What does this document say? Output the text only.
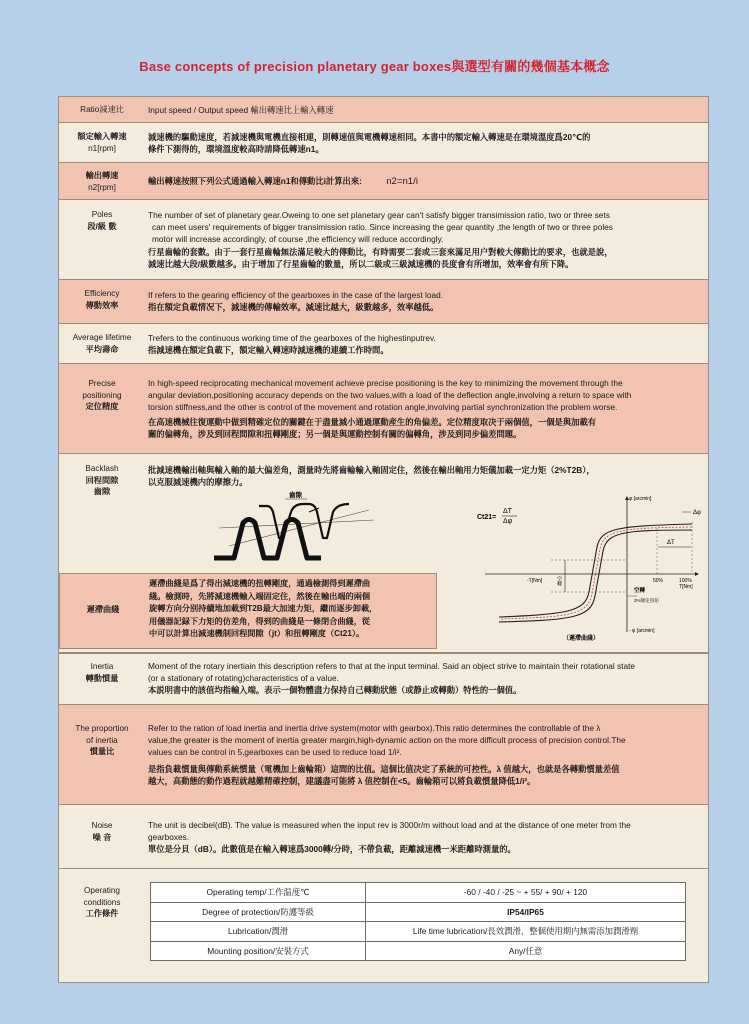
Base concepts of precision planetary gear boxes與選型有關的幾個基本概念
Ratio減速比	Input speed / Output speed 輸出轉速比上輸入轉速
額定輸入轉速
n1[rpm]

減速機的驅動速度，若減速機與電機直接相連，則轉速值與電機轉速相同。本書中的額定輸入轉速是在環境溫度爲20℃的

條件下測得的，環境溫度較高時請降低轉速n1。

輸出轉速
n2[rpm]
輸出轉速按照下列公式通過輸入轉速n1和傳動比i計算出來:	n2=n1/i
Poles
段/級 數

The number of set of planetary gear.Oweing to one set planetary gear can't satisfy bigger transimission ratio, two or three sets

can meet users' requirements of bigger transimission ratio. Since increasing the gear quantity ,the length of two or three poles

motor will increase accordingly, of course ,the efficiency will reduce accordingly.

行星齒輪的套數。由于一套行星齒輪無法滿足較大的傳動比，有時需要二套或三套來滿足用户對較大傳動比的要求，也就是說，

減速比越大段/級數越多。由于增加了行星齒輪的數量，所以二級或三級減速機的長度會有所增加，效率會有所下降。

Efficiency
傳動效率

If refers to the gearing efficiency of the gearboxes in the case of the largest load.

指在額定負載情况下，減速機的傳輸效率。減速比越大，級數越多，效率越低。

Average lifetime
平均壽命

Trefers to the continuous working time of the gearboxes of the highestinputrev.

指減速機在額定負載下，額定輸入轉速時減速機的連續工作時間。

Precise
positioning
定位精度

In high-speed reciprocating mechanical movement achieve precise positioning is the key to minimizing the movement through the

angular deviation,positioning accuracy depends on the two values,with a load of the deflection angle,involving a return to space with

torsion stiffness,and the other is control of the movement and rotation angle,involving partial synchronization the problem worse.

在高速機械往復運動中做到精確定位的關鍵在于盡量減小通過運動産生的角偏差。定位精度取决于兩個值，一個是與加載有

關的偏轉角，涉及到回程間隙和扭轉剛度；另一個是與運動控制有關的偏轉角，涉及到同步偏差問題。

Backlash
回程間隙
齒隙

批減速機輸出軸與輸入軸的最大偏差角，測量時先將齒輪輸入軸固定住，然後在輸出軸用力矩儀加載一定力矩（2%T2B），

以克服減速機内的摩擦力。

齒隙
Ct21=
ΔT
Δφ
φ [arcmin]
- φ [arcmin]
-T[Nm]	100%
T[Nm]
50%
ΔT
Δφ
空轉
空轉
2%額定扭矩
（遲滯曲綫）
遲滯曲綫

遲滯曲綫是爲了得出減速機的扭轉剛度，通過檢測得到遲滯曲

綫。檢測時，先將減速機輸入端固定住，然後在輸出端的兩個

旋轉方向分别持續地加載到T2B最大加速力矩，繼而逐步卸載，

用儀器記録下力矩的仿差角，得到的曲綫是一條閉合曲綫，從

中可以計算出減速機制回程間隙（jt）和扭轉剛度（Ct21）。

Inertia
轉動慣量

Moment of the rotary inertiain this description refers to that at the input terminal. Said an object strive to maintain their rotational state

(or a stationary of rotating)characteristics of a value.

本説明書中的該值均指輸入端。表示一個物體盡力保持自己轉動狀態（或静止或轉動）特性的一個值。

The proportion
of inertia
慣量比

Refer to the ration of load inertia and inertia drive system(motor with gearbox).This ratio determines the controllable of the λ

value,the greater is the moment of inertia greater margin,high-dynamic action on the more difficult process of precision control.The

values can be control in 5,gearboxes can be used to reduce load 1/i².

是指負載慣量與傳動系統慣量（電機加上齒輪箱）這間的比值。這個比值决定了系統的可控性。λ 值越大，也就是各轉動慣量差值

越大，高動態的動作過程就越難精確控制，建議盡可能將 λ 值控制在<5。齒輪箱可以將負載慣量降低1/i²。

Noise
噪 音

The unit is decibel(dB). The value is measured when the input rev is 3000r/m without load and at the distance of one meter from the

gearboxes.

單位是分貝（dB）。此數值是在輸入轉速爲3000轉/分時，不帶負載，距離減速機一米距離時測量的。

Operating
conditions
工作條件
Operating temp/工作温度℃	-60 / -40 / -25 ~ + 55/ + 90/ + 120
Degree of protection/防護等級	IP54/IP65
Lubrication/潤滑	Life time lubrication/長效潤滑，整個使用期内無需添加潤滑劑
Mounting position/安裝方式	Any/任意
